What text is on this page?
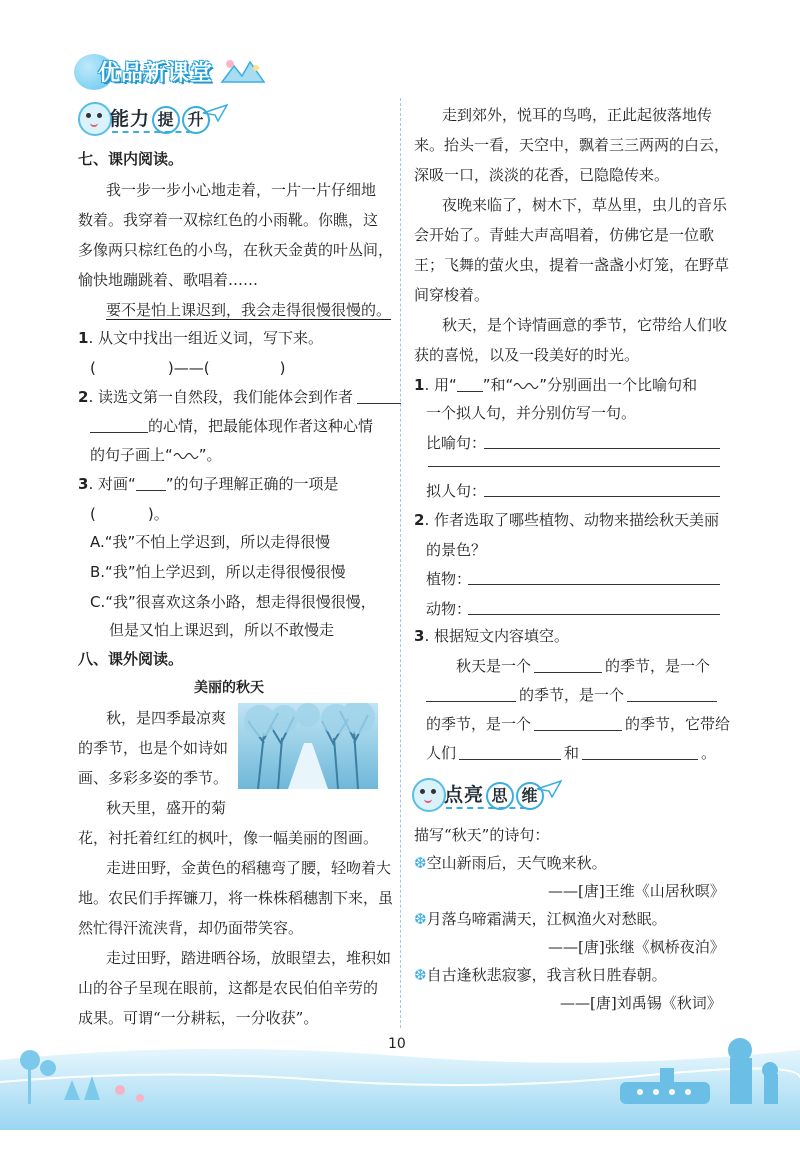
优品新课堂
能力 提 升
七、课内阅读。
我一步一步小心地走着，一片一片仔细地
数着。我穿着一双棕红色的小雨靴。你瞧，这
多像两只棕红色的小鸟，在秋天金黄的叶丛间，
愉快地蹦跳着、歌唱着……
要不是怕上课迟到，我会走得很慢很慢的。
1. 从文中找出一组近义词，写下来。
(	)——(	)
2. 读选文第一自然段，我们能体会到作者
的心情，把最能体现作者这种心情
的句子画上“ ”。
3. 对画“ ”的句子理解正确的一项是
(	)。
A.“我”不怕上学迟到，所以走得很慢
B.“我”怕上学迟到，所以走得很慢很慢
C.“我”很喜欢这条小路，想走得很慢很慢，
但是又怕上课迟到，所以不敢慢走
八、课外阅读。
美丽的秋天
秋，是四季最凉爽
的季节，也是个如诗如
画、多彩多姿的季节。
秋天里，盛开的菊
花，衬托着红红的枫叶，像一幅美丽的图画。
走进田野，金黄色的稻穗弯了腰，轻吻着大
地。农民们手挥镰刀，将一株株稻穗割下来，虽
然忙得汗流浃背，却仍面带笑容。
走过田野，踏进晒谷场，放眼望去，堆积如
山的谷子呈现在眼前，这都是农民伯伯辛劳的
成果。可谓“一分耕耘，一分收获”。
走到郊外，悦耳的鸟鸣，正此起彼落地传
来。抬头一看，天空中，飘着三三两两的白云，
深吸一口，淡淡的花香，已隐隐传来。
夜晚来临了，树木下，草丛里，虫儿的音乐
会开始了。青蛙大声高唱着，仿佛它是一位歌
王；飞舞的萤火虫，提着一盏盏小灯笼，在野草
间穿梭着。
秋天，是个诗情画意的季节，它带给人们收
获的喜悦，以及一段美好的时光。
1. 用“ ”和“ ”分别画出一个比喻句和
一个拟人句，并分别仿写一句。
比喻句：
拟人句：
2. 作者选取了哪些植物、动物来描绘秋天美丽
的景色？
植物：
动物：
3. 根据短文内容填空。
秋天是一个	的季节，是一个
的季节，是一个
的季节，是一个	的季节，它带给
人们	和	。
点亮 思 维
描写“秋天”的诗句：
❆空山新雨后，天气晚来秋。
——[唐]王维《山居秋暝》
❆月落乌啼霜满天，江枫渔火对愁眠。
——[唐]张继《枫桥夜泊》
❆自古逢秋悲寂寥，我言秋日胜春朝。
——[唐]刘禹锡《秋词》
10
